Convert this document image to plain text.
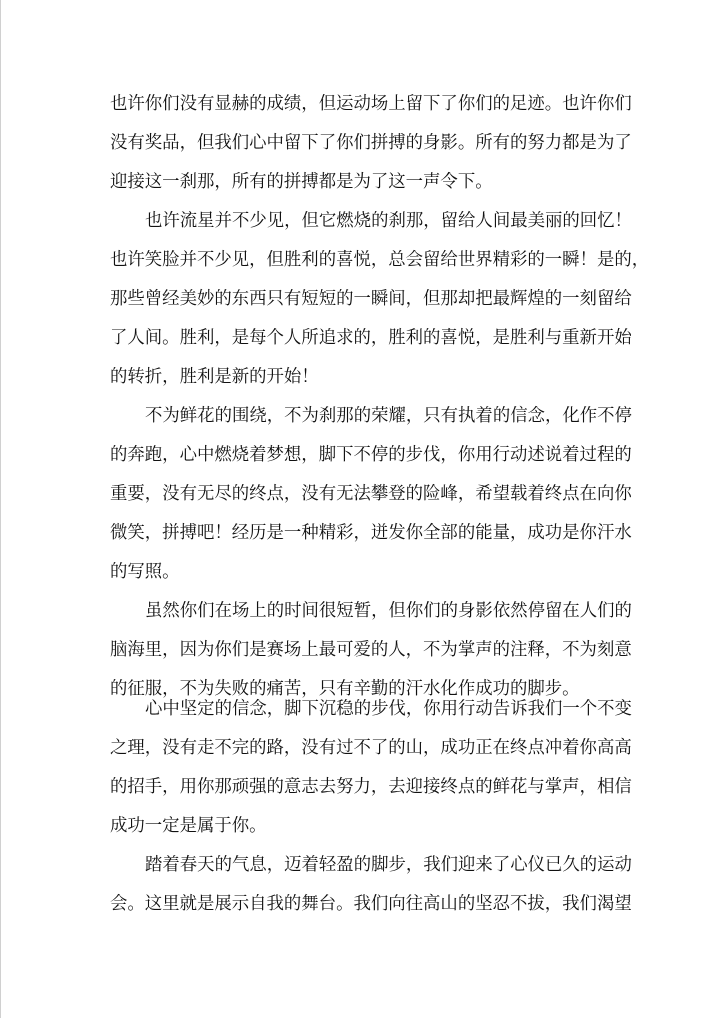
也许你们没有显赫的成绩，但运动场上留下了你们的足迹。也许你们
没有奖品，但我们心中留下了你们拼搏的身影。所有的努力都是为了
迎接这一刹那，所有的拼搏都是为了这一声令下。
也许流星并不少见，但它燃烧的刹那，留给人间最美丽的回忆！
也许笑脸并不少见，但胜利的喜悦，总会留给世界精彩的一瞬！是的，
那些曾经美妙的东西只有短短的一瞬间，但那却把最辉煌的一刻留给
了人间。胜利，是每个人所追求的，胜利的喜悦，是胜利与重新开始
的转折，胜利是新的开始！
不为鲜花的围绕，不为刹那的荣耀，只有执着的信念，化作不停
的奔跑，心中燃烧着梦想，脚下不停的步伐，你用行动述说着过程的
重要，没有无尽的终点，没有无法攀登的险峰，希望载着终点在向你
微笑，拼搏吧！经历是一种精彩，迸发你全部的能量，成功是你汗水
的写照。
虽然你们在场上的时间很短暂，但你们的身影依然停留在人们的
脑海里，因为你们是赛场上最可爱的人，不为掌声的注释，不为刻意
的征服，不为失败的痛苦，只有辛勤的汗水化作成功的脚步。
心中坚定的信念，脚下沉稳的步伐，你用行动告诉我们一个不变
之理，没有走不完的路，没有过不了的山，成功正在终点冲着你高高
的招手，用你那顽强的意志去努力，去迎接终点的鲜花与掌声，相信
成功一定是属于你。
踏着春天的气息，迈着轻盈的脚步，我们迎来了心仪已久的运动
会。这里就是展示自我的舞台。我们向往高山的坚忍不拔，我们渴望
